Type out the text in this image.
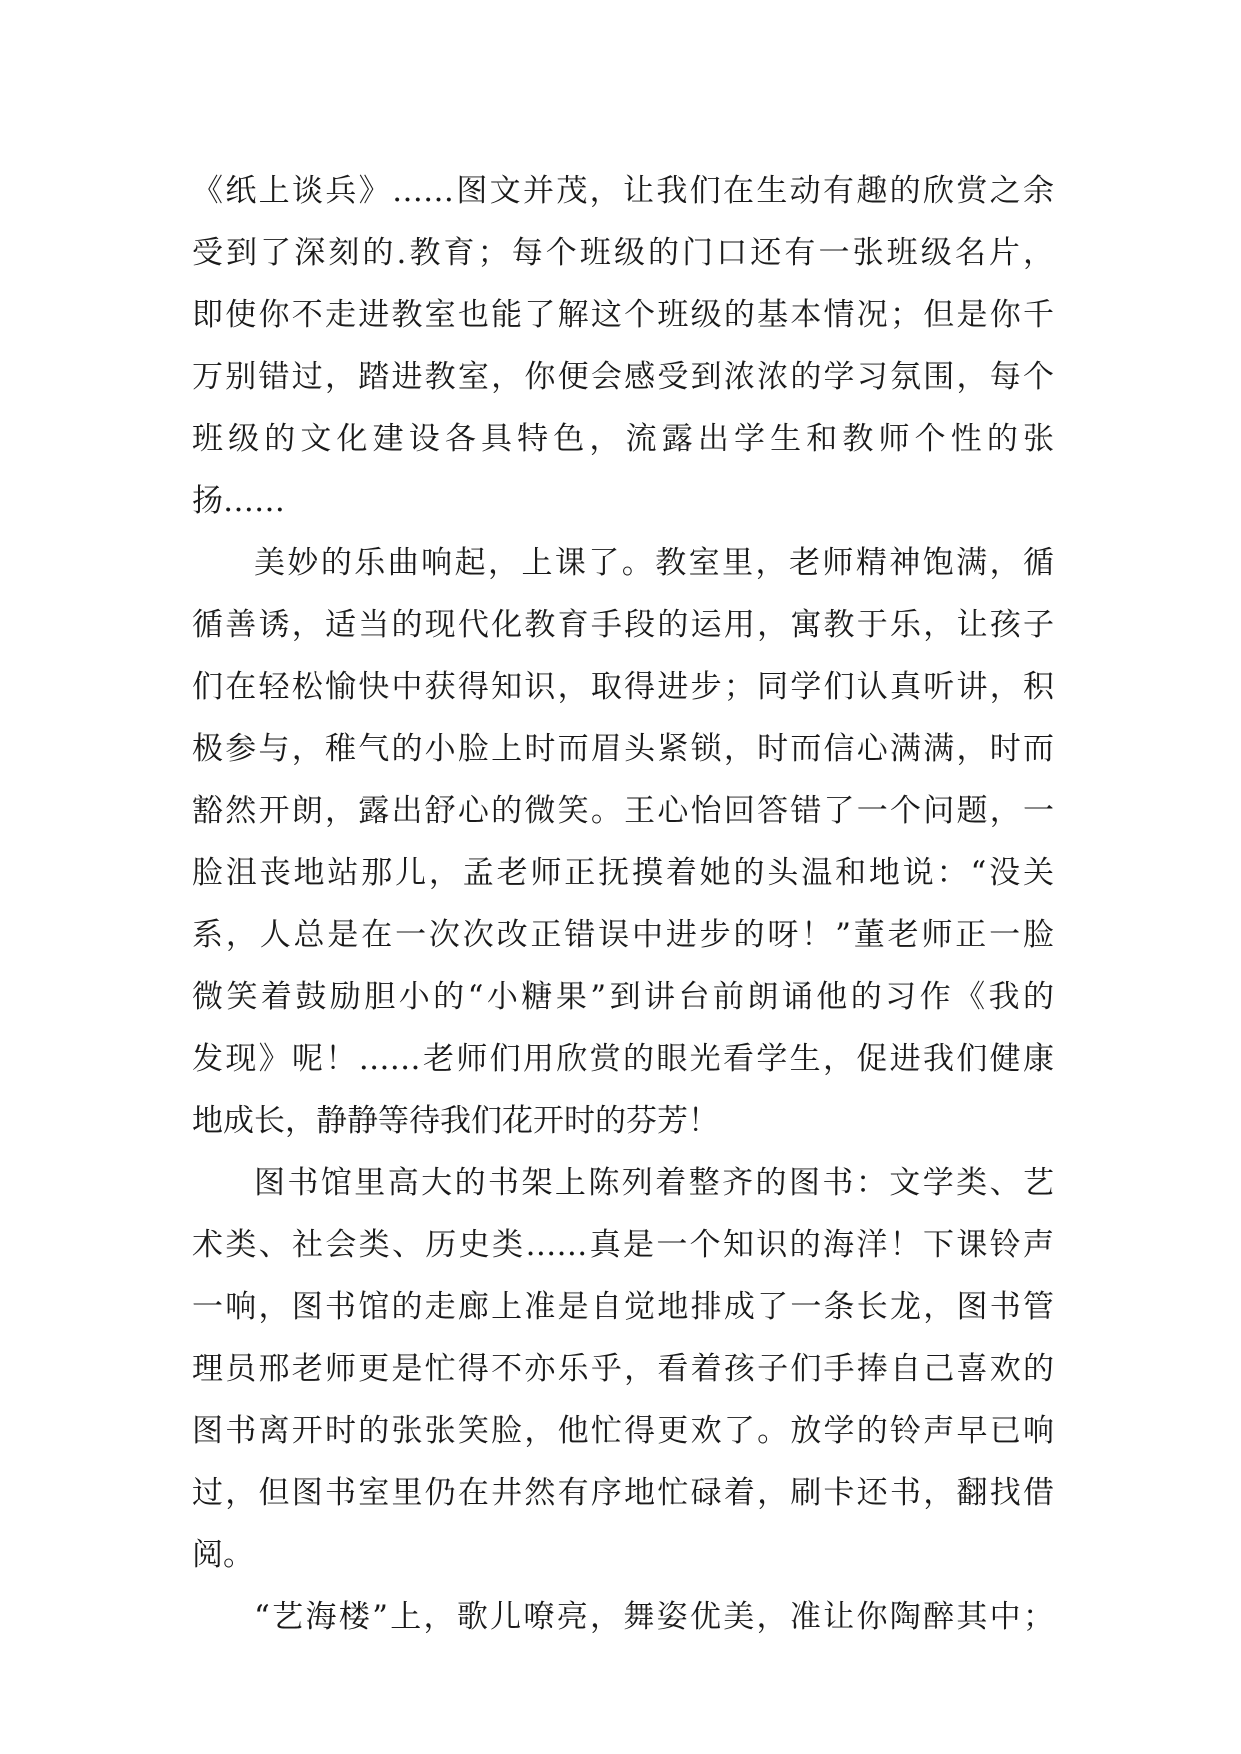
《纸上谈兵》……图文并茂，让我们在生动有趣的欣赏之余
受到了深刻的.教育；每个班级的门口还有一张班级名片，
即使你不走进教室也能了解这个班级的基本情况；但是你千
万别错过，踏进教室，你便会感受到浓浓的学习氛围，每个
班级的文化建设各具特色，流露出学生和教师个性的张
扬……
美妙的乐曲响起，上课了。教室里，老师精神饱满，循
循善诱，适当的现代化教育手段的运用，寓教于乐，让孩子
们在轻松愉快中获得知识，取得进步；同学们认真听讲，积
极参与，稚气的小脸上时而眉头紧锁，时而信心满满，时而
豁然开朗，露出舒心的微笑。王心怡回答错了一个问题，一
脸沮丧地站那儿，孟老师正抚摸着她的头温和地说：“没关
系，人总是在一次次改正错误中进步的呀！”董老师正一脸
微笑着鼓励胆小的“小糖果”到讲台前朗诵他的习作《我的
发现》呢！……老师们用欣赏的眼光看学生，促进我们健康
地成长，静静等待我们花开时的芬芳！
图书馆里高大的书架上陈列着整齐的图书：文学类、艺
术类、社会类、历史类……真是一个知识的海洋！下课铃声
一响，图书馆的走廊上准是自觉地排成了一条长龙，图书管
理员邢老师更是忙得不亦乐乎，看着孩子们手捧自己喜欢的
图书离开时的张张笑脸，他忙得更欢了。放学的铃声早已响
过，但图书室里仍在井然有序地忙碌着，刷卡还书，翻找借
阅。
“艺海楼”上，歌儿嘹亮，舞姿优美，准让你陶醉其中；
